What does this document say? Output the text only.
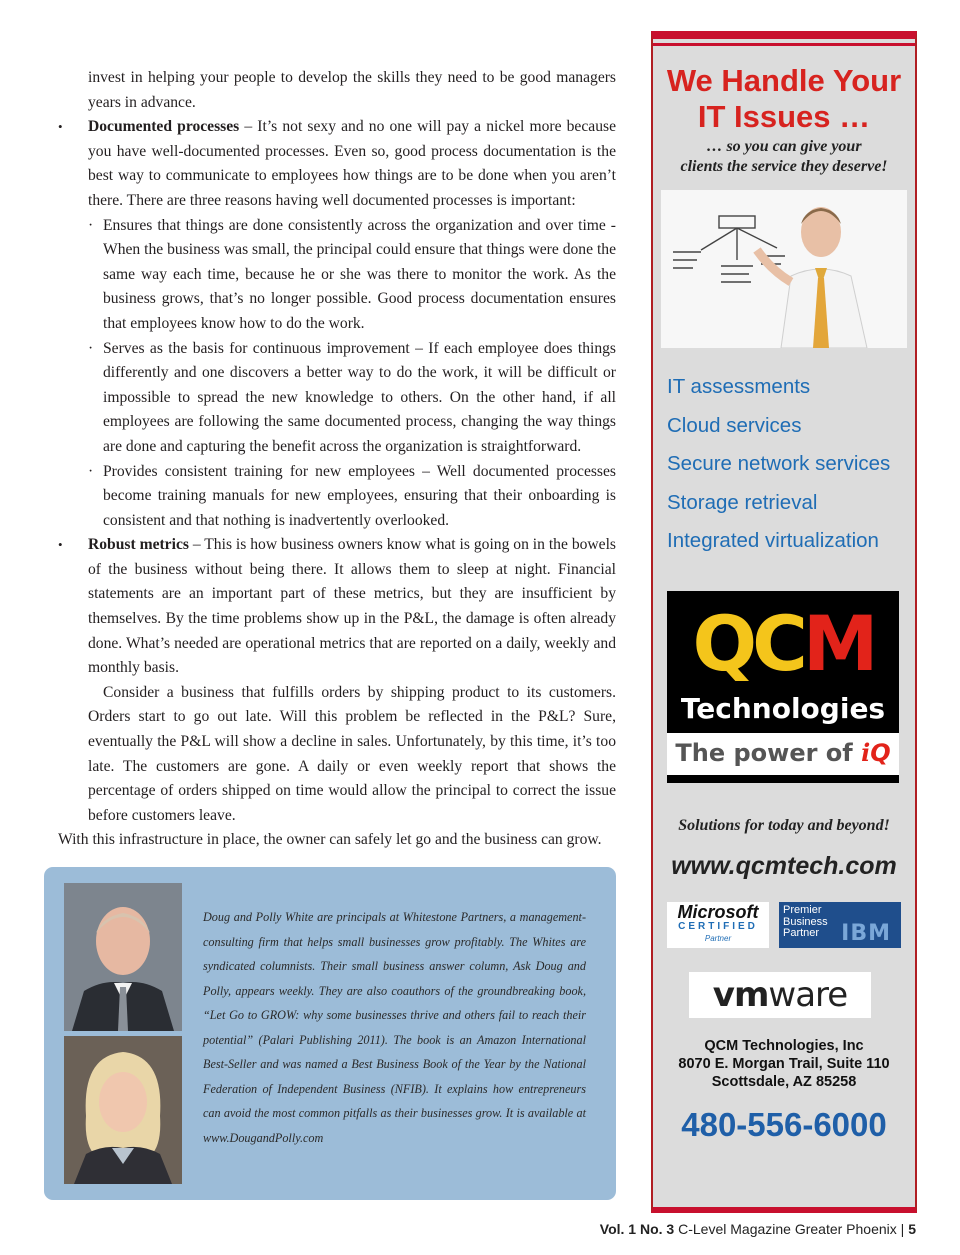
invest in helping your people to develop the skills they need to be good managers years in advance.

• Documented processes – It’s not sexy and no one will pay a nickel more because you have well-documented processes. Even so, good process documentation is the best way to communicate to employees how things are to be done when you aren’t there. There are three reasons having well documented processes is important:

· Ensures that things are done consistently across the organization and over time - When the business was small, the principal could ensure that things were done the same way each time, because he or she was there to monitor the work. As the business grows, that’s no longer possible. Good process documentation ensures that employees know how to do the work.

· Serves as the basis for continuous improvement – If each employee does things differently and one discovers a better way to do the work, it will be difficult or impossible to spread the new knowledge to others. On the other hand, if all employees are following the same documented process, changing the way things are done and capturing the benefit across the organization is straightforward.

· Provides consistent training for new employees – Well documented processes become training manuals for new employees, ensuring that their onboarding is consistent and that nothing is inadvertently overlooked.

• Robust metrics – This is how business owners know what is going on in the bowels of the business without being there. It allows them to sleep at night. Financial statements are an important part of these metrics, but they are insufficient by themselves. By the time problems show up in the P&L, the damage is often already done. What’s needed are operational metrics that are reported on a daily, weekly and monthly basis.

Consider a business that fulfills orders by shipping product to its customers. Orders start to go out late. Will this problem be reflected in the P&L? Sure, eventually the P&L will show a decline in sales. Unfortunately, by this time, it’s too late. The customers are gone. A daily or even weekly report that shows the percentage of orders shipped on time would allow the principal to correct the issue before customers leave.

With this infrastructure in place, the owner can safely let go and the business can grow.

Doug and Polly White are principals at Whitestone Partners, a management-consulting firm that helps small businesses grow profitably. The Whites are syndicated columnists. Their small business answer column, Ask Doug and Polly, appears weekly. They are also coauthors of the groundbreaking book, “Let Go to GROW: why some businesses thrive and others fail to reach their potential” (Palari Publishing 2011). The book is an Amazon International Best-Seller and was named a Best Business Book of the Year by the National Federation of Independent Business (NFIB). It explains how entrepreneurs can avoid the most common pitfalls as their businesses grow. It is available at www.DougandPolly.com

We Handle Your
IT Issues …

… so you can give your
clients the service they deserve!

IT assessments
Cloud services
Secure network services
Storage retrieval
Integrated virtualization
QCM
Technologies
The power of iQ

Solutions for today and beyond!

www.qcmtech.com

Microsoft
CERTIFIED
Partner
Premier
Business
Partner	IBM
vmware
QCM Technologies, Inc
8070 E. Morgan Trail, Suite 110
Scottsdale, AZ 85258

480-556-6000

Vol. 1 No. 3 C-Level Magazine Greater Phoenix | 5
